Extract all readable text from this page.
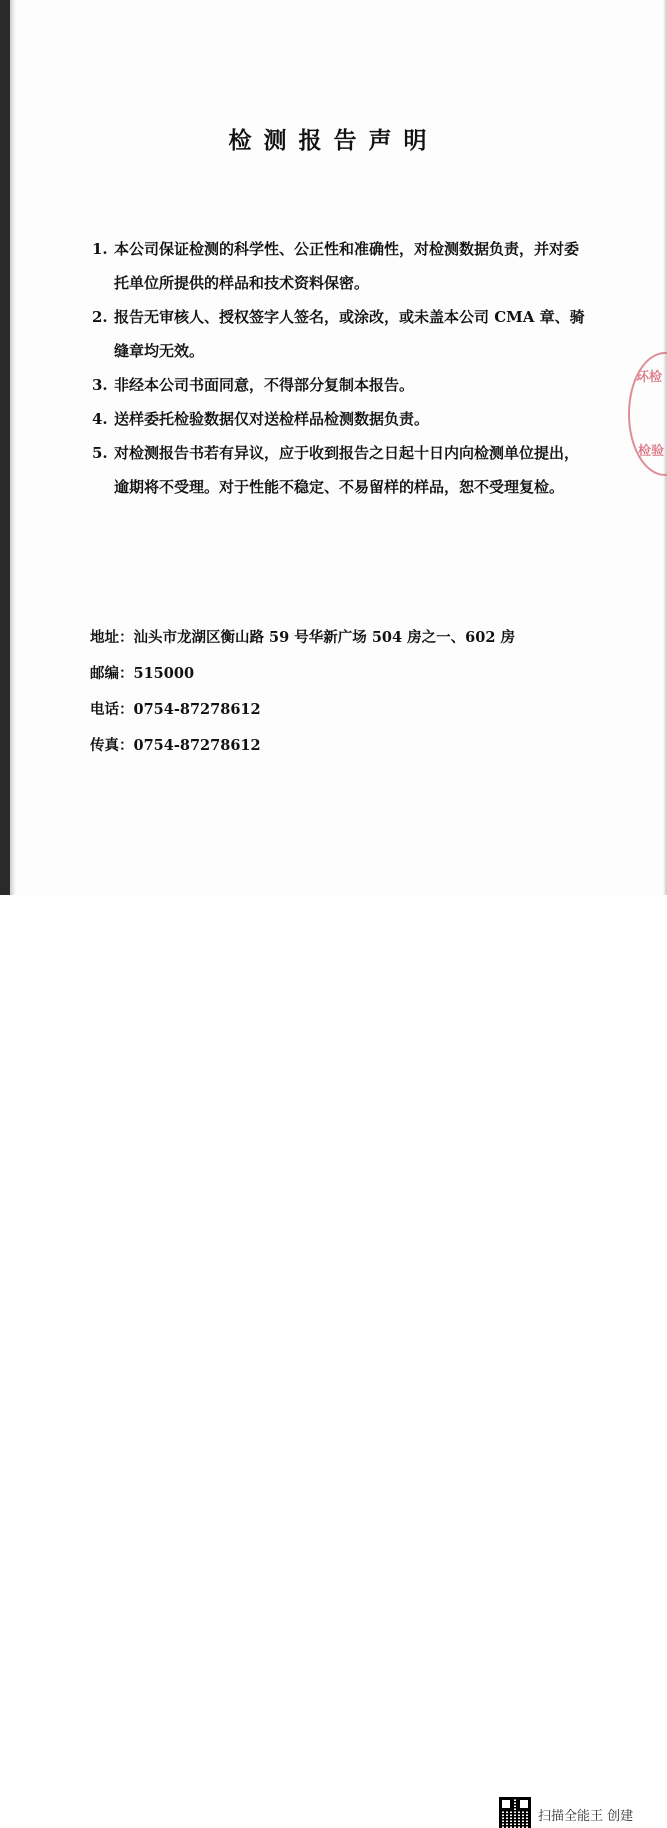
检测报告声明
1. 本公司保证检测的科学性、公正性和准确性，对检测数据负责，并对委托单位所提供的样品和技术资料保密。
2. 报告无审核人、授权签字人签名，或涂改，或未盖本公司 CMA 章、骑缝章均无效。
3. 非经本公司书面同意，不得部分复制本报告。
4. 送样委托检验数据仅对送检样品检测数据负责。
5. 对检测报告书若有异议，应于收到报告之日起十日内向检测单位提出，逾期将不受理。对于性能不稳定、不易留样的样品，恕不受理复检。
地址：汕头市龙湖区衡山路 59 号华新广场 504 房之一、602 房
邮编：515000
电话：0754-87278612
传真：0754-87278612
环检
检验
扫描全能王 创建
